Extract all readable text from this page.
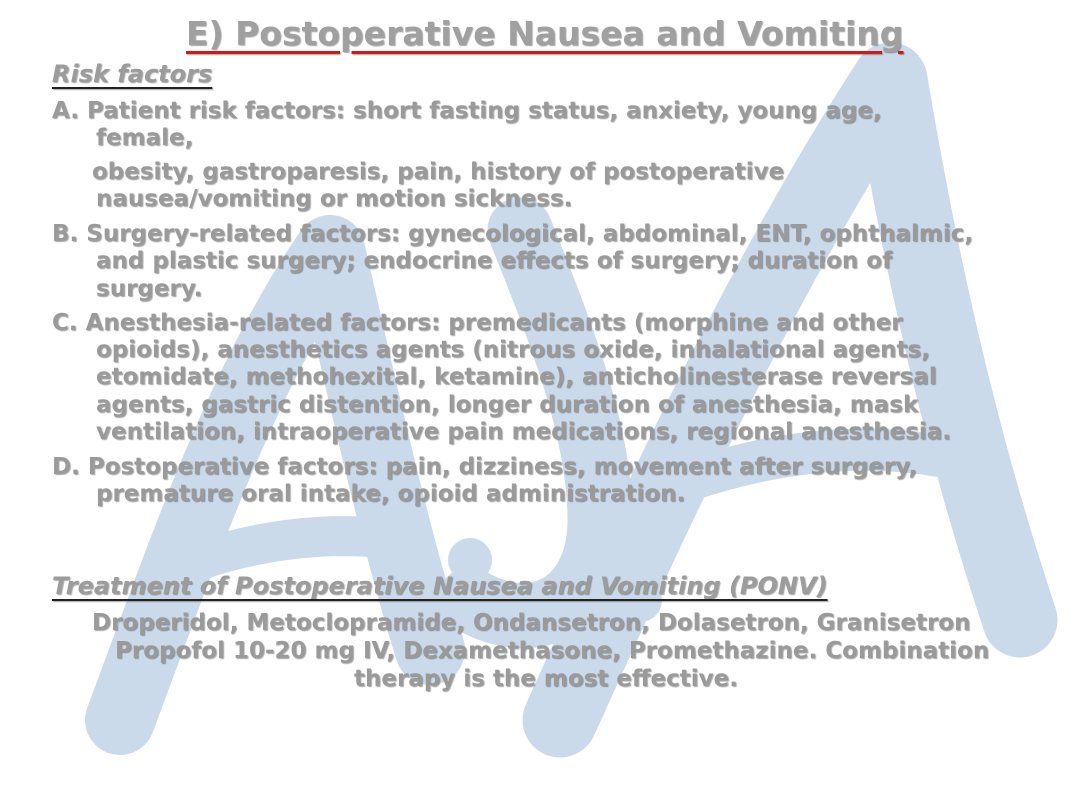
E) Postoperative Nausea and Vomiting
Risk factors
A. Patient risk factors: short fasting status, anxiety, young age,
female,
obesity, gastroparesis, pain, history of postoperative
nausea/vomiting or motion sickness.
B. Surgery-related factors: gynecological, abdominal, ENT, ophthalmic,
and plastic surgery; endocrine effects of surgery; duration of
surgery.
C. Anesthesia-related factors: premedicants (morphine and other
opioids), anesthetics agents (nitrous oxide, inhalational agents,
etomidate, methohexital, ketamine), anticholinesterase reversal
agents, gastric distention, longer duration of anesthesia, mask
ventilation, intraoperative pain medications, regional anesthesia.
D. Postoperative factors: pain, dizziness, movement after surgery,
premature oral intake, opioid administration.
Treatment of Postoperative Nausea and Vomiting (PONV)
Droperidol, Metoclopramide, Ondansetron, Dolasetron, Granisetron
Propofol 10-20 mg IV, Dexamethasone, Promethazine. Combination
therapy is the most effective.
